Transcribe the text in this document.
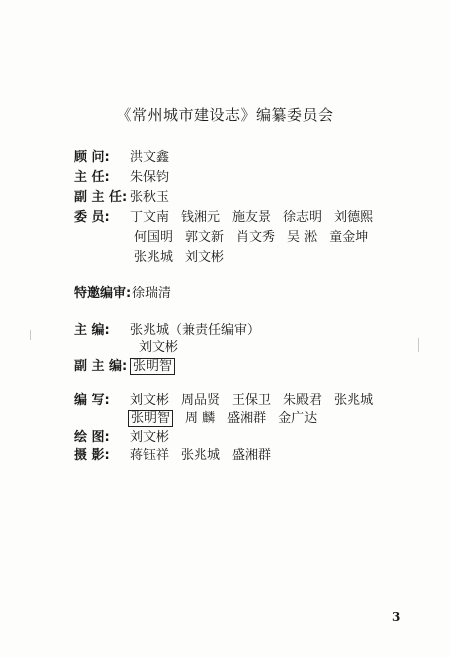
《常州城市建设志》编纂委员会
顾 问: 洪文鑫
主 任: 朱保钧
副 主 任: 张秋玉
委 员: 丁文南 钱湘元 施友景 徐志明 刘德熙
何国明 郭文新 肖文秀 吴 淞 童金坤
张兆城 刘文彬
特邀编审:徐瑞清
主 编: 张兆城（兼责任编审）
刘文彬
副 主 编: 张明智
编 写: 刘文彬 周品贤 王保卫 朱殿君 张兆城
张明智 周 麟 盛湘群 金广达
绘 图: 刘文彬
摄 影: 蒋钰祥 张兆城 盛湘群
3
